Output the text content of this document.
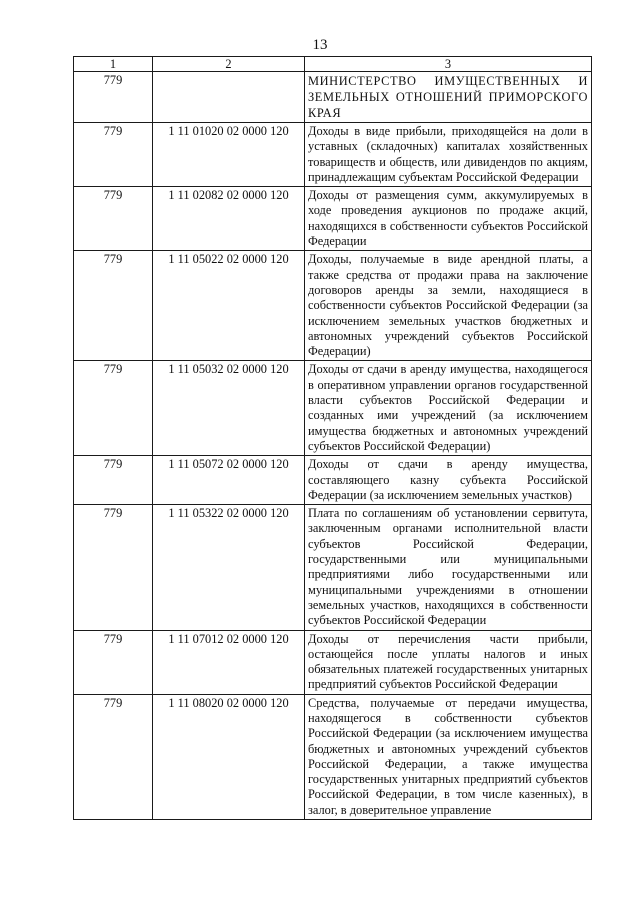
13
1	2	3
779		МИНИСТЕРСТВО ИМУЩЕСТВЕННЫХ И ЗЕМЕЛЬНЫХ ОТНОШЕНИЙ ПРИМОРСКОГО КРАЯ
779	1 11 01020 02 0000 120	Доходы в виде прибыли, приходящейся на доли в уставных (складочных) капиталах хозяйственных товариществ и обществ, или дивидендов по акциям, принадлежащим субъектам Российской Федерации
779	1 11 02082 02 0000 120	Доходы от размещения сумм, аккумулируемых в ходе проведения аукционов по продаже акций, находящихся в собственности субъектов Российской Федерации
779	1 11 05022 02 0000 120	Доходы, получаемые в виде арендной платы, а также средства от продажи права на заключение договоров аренды за земли, находящиеся в собственности субъектов Российской Федерации (за исключением земельных участков бюджетных и автономных учреждений субъектов Российской Федерации)
779	1 11 05032 02 0000 120	Доходы от сдачи в аренду имущества, находящегося в оперативном управлении органов государственной власти субъектов Российской Федерации и созданных ими учреждений (за исключением имущества бюджетных и автономных учреждений субъектов Российской Федерации)
779	1 11 05072 02 0000 120	Доходы от сдачи в аренду имущества, составляющего казну субъекта Российской Федерации (за исключением земельных участков)
779	1 11 05322 02 0000 120	Плата по соглашениям об установлении сервитута, заключенным органами исполнительной власти субъектов Российской Федерации, государственными или муниципальными предприятиями либо государственными или муниципальными учреждениями в отношении земельных участков, находящихся в собственности субъектов Российской Федерации
779	1 11 07012 02 0000 120	Доходы от перечисления части прибыли, остающейся после уплаты налогов и иных обязательных платежей государственных унитарных предприятий субъектов Российской Федерации
779	1 11 08020 02 0000 120	Средства, получаемые от передачи имущества, находящегося в собственности субъектов Российской Федерации (за исключением имущества бюджетных и автономных учреждений субъектов Российской Федерации, а также имущества государственных унитарных предприятий субъектов Российской Федерации, в том числе казенных), в залог, в доверительное управление
